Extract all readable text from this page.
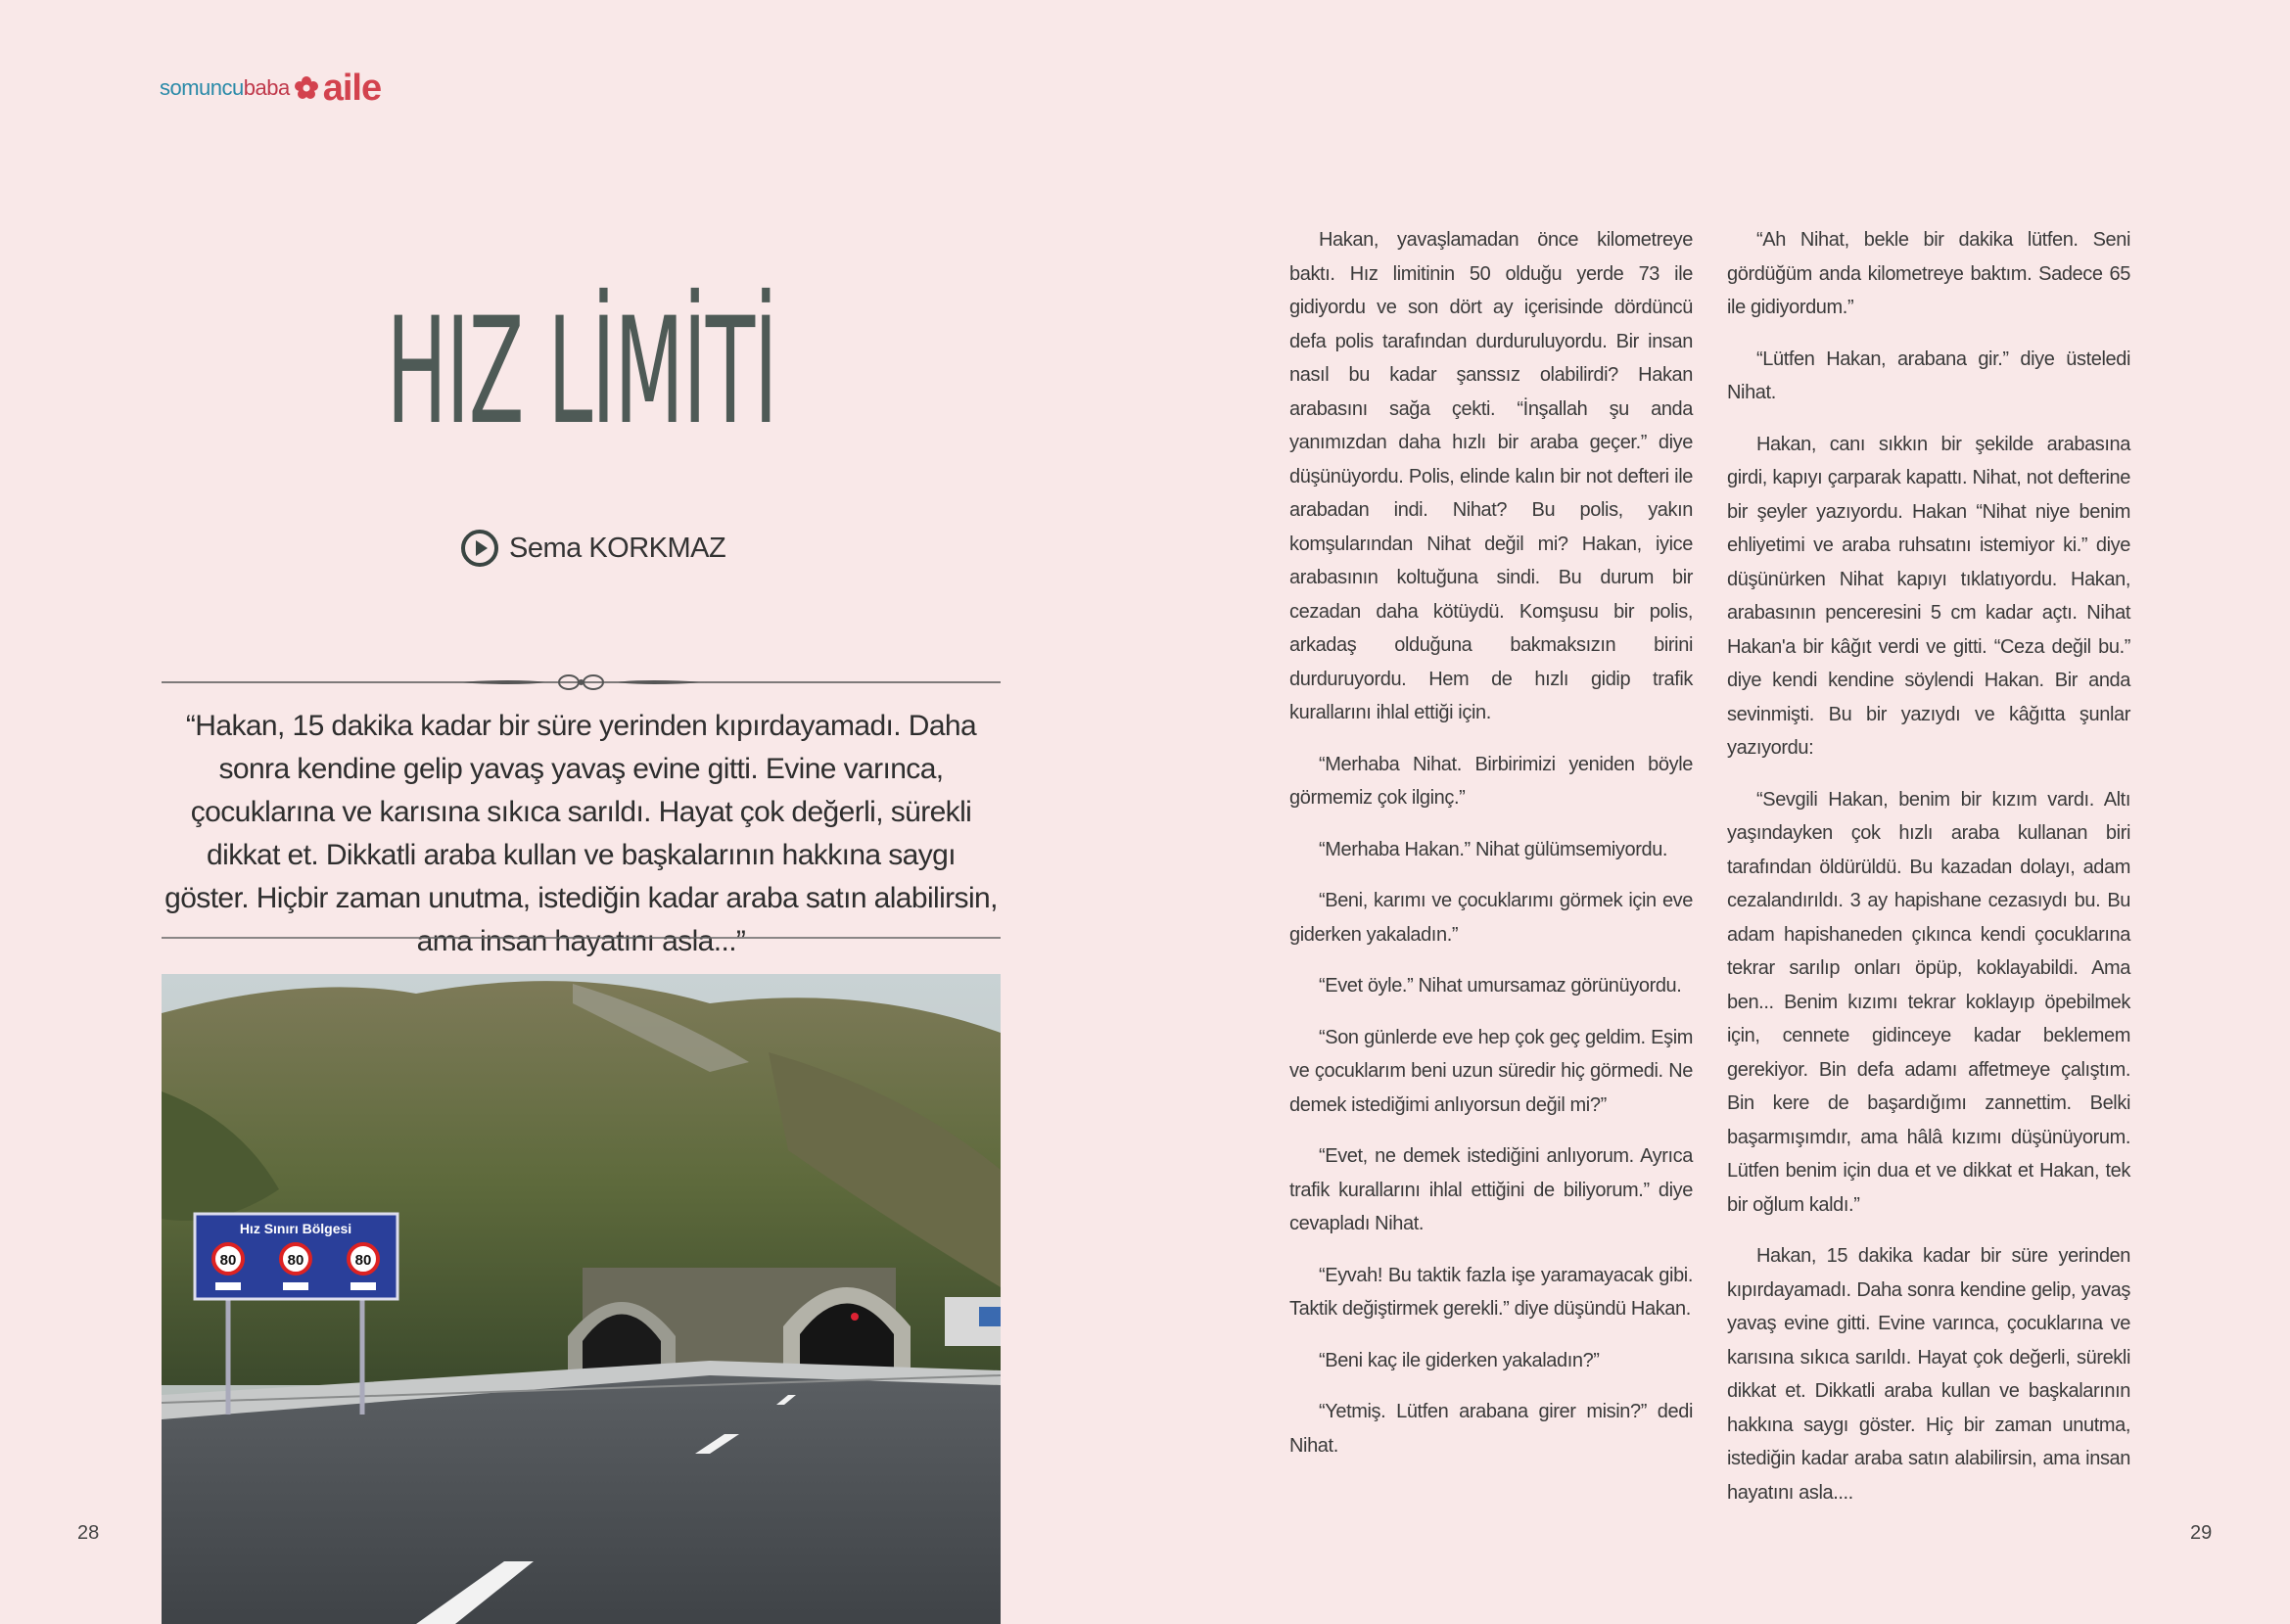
somuncu baba aile
HIZ LİMİTİ
Sema KORKMAZ
“Hakan, 15 dakika kadar bir süre yerinden kıpırdayamadı. Daha sonra kendine gelip yavaş yavaş evine gitti. Evine varınca, çocuklarına ve karısına sıkıca sarıldı. Hayat çok değerli, sürekli dikkat et. Dikkatli araba kullan ve başkalarının hakkına saygı göster. Hiçbir zaman unutma, istediğin kadar araba satın alabilirsin, ama insan hayatını asla...”
Hız Sınırı Bölgesi
80	80	80

Hakan, yavaşlamadan önce kilometreye baktı. Hız limitinin 50 olduğu yerde 73 ile gidiyordu ve son dört ay içerisinde dördüncü defa polis tarafından durduruluyordu. Bir insan nasıl bu kadar şanssız olabilirdi? Hakan arabasını sağa çekti. “İnşallah şu anda yanımızdan daha hızlı bir araba geçer.” diye düşünüyordu. Polis, elinde kalın bir not defteri ile arabadan indi. Nihat? Bu polis, yakın komşularından Nihat değil mi? Hakan, iyice arabasının koltuğuna sindi. Bu durum bir cezadan daha kötüydü. Komşusu bir polis, arkadaş olduğuna bakmaksızın birini durduruyordu. Hem de hızlı gidip trafik kurallarını ihlal ettiği için.

“Merhaba Nihat. Birbirimizi yeniden böyle görmemiz çok ilginç.”

“Merhaba Hakan.” Nihat gülümsemiyordu.

“Beni, karımı ve çocuklarımı görmek için eve giderken yakaladın.”

“Evet öyle.” Nihat umursamaz görünüyordu.

“Son günlerde eve hep çok geç geldim. Eşim ve çocuklarım beni uzun süredir hiç görmedi. Ne demek istediğimi anlıyorsun değil mi?”

“Evet, ne demek istediğini anlıyorum. Ayrıca trafik kurallarını ihlal ettiğini de biliyorum.” diye cevapladı Nihat.

“Eyvah! Bu taktik fazla işe yaramayacak gibi. Taktik değiştirmek gerekli.” diye düşündü Hakan.

“Beni kaç ile giderken yakaladın?”

“Yetmiş. Lütfen arabana girer misin?” dedi Nihat.

“Ah Nihat, bekle bir dakika lütfen. Seni gördüğüm anda kilometreye baktım. Sadece 65 ile gidiyordum.”

“Lütfen Hakan, arabana gir.” diye üsteledi Nihat.

Hakan, canı sıkkın bir şekilde arabasına girdi, kapıyı çarparak kapattı. Nihat, not defterine bir şeyler yazıyordu. Hakan “Nihat niye benim ehliyetimi ve araba ruhsatını istemiyor ki.” diye düşünürken Nihat kapıyı tıklatıyordu. Hakan, arabasının penceresini 5 cm kadar açtı. Nihat Hakan'a bir kâğıt verdi ve gitti. “Ceza değil bu.” diye kendi kendine söylendi Hakan. Bir anda sevinmişti. Bu bir yazıydı ve kâğıtta şunlar yazıyordu:

“Sevgili Hakan, benim bir kızım vardı. Altı yaşındayken çok hızlı araba kullanan biri tarafından öldürüldü. Bu kazadan dolayı, adam cezalandırıldı. 3 ay hapishane cezasıydı bu. Bu adam hapishaneden çıkınca kendi çocuklarına tekrar sarılıp onları öpüp, koklayabildi. Ama ben... Benim kızımı tekrar koklayıp öpebilmek için, cennete gidinceye kadar beklemem gerekiyor. Bin defa adamı affetmeye çalıştım. Bin kere de başardığımı zannettim. Belki başarmışımdır, ama hâlâ kızımı düşünüyorum. Lütfen benim için dua et ve dikkat et Hakan, tek bir oğlum kaldı.”

Hakan, 15 dakika kadar bir süre yerinden kıpırdayamadı. Daha sonra kendine gelip, yavaş yavaş evine gitti. Evine varınca, çocuklarına ve karısına sıkıca sarıldı. Hayat çok değerli, sürekli dikkat et. Dikkatli araba kullan ve başkalarının hakkına saygı göster. Hiç bir zaman unutma, istediğin kadar araba satın alabilirsin, ama insan hayatını asla....

28	29
